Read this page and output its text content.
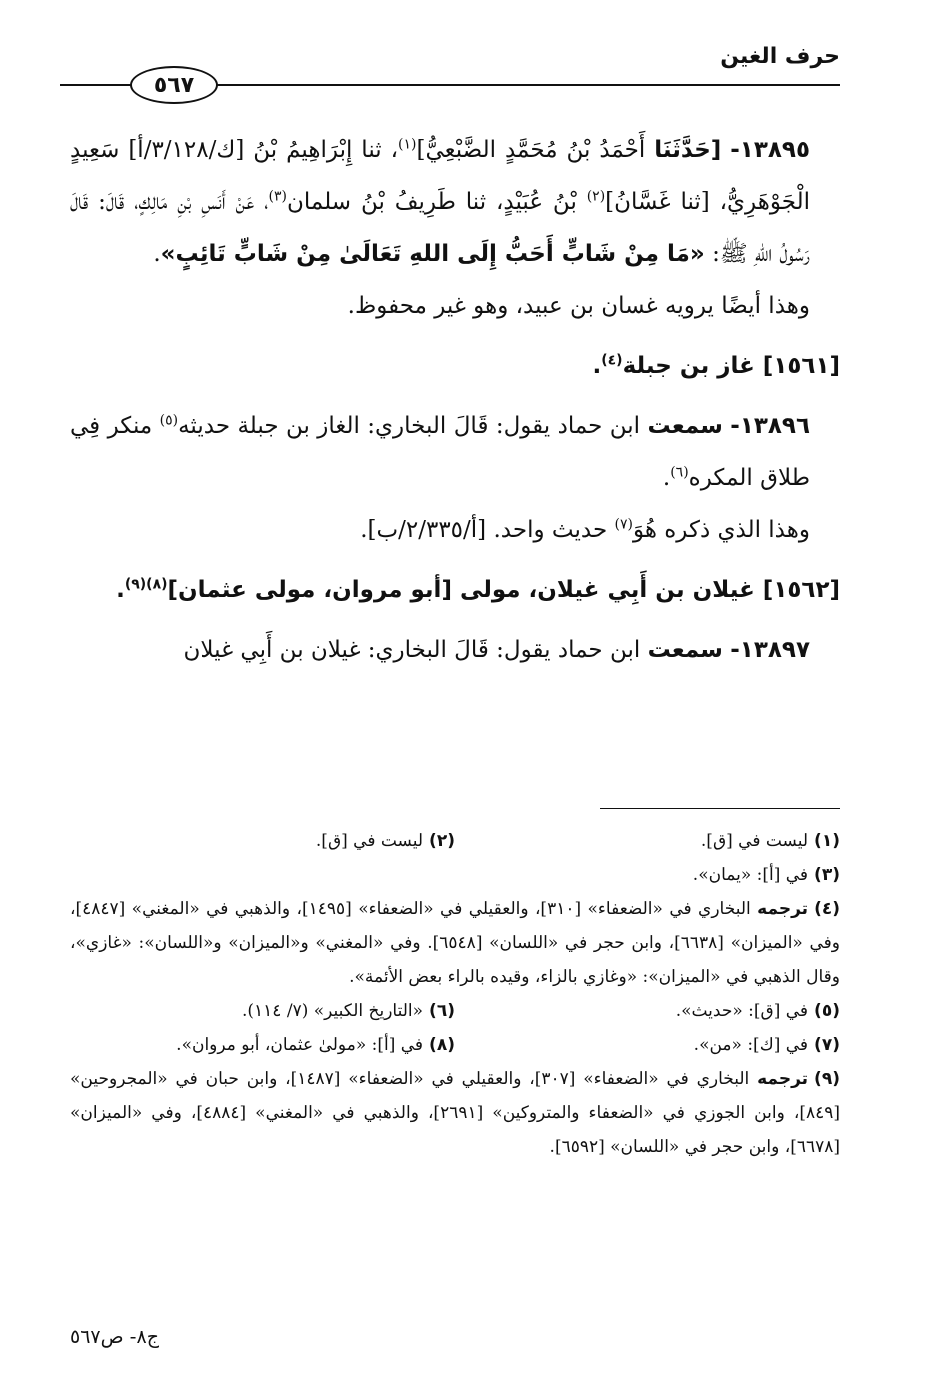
حرف الغين
٥٦٧

١٣٨٩٥- [حَدَّثَنَا أَحْمَدُ بْنُ مُحَمَّدٍ الضَّبْعِيُّ]$^{(١)}$، ثنا إِبْرَاهِيمُ بْنُ [ك/٣/١٢٨/أ] سَعِيدٍ الْجَوْهَرِيُّ، [ثنا غَسَّانُ]$^{(٢)}$ بْنُ عُبَيْدٍ، ثنا طَرِيفُ بْنُ سلمان$^{(٣)}$، عَنْ أَنَسِ بْنِ مَالِكٍ، قَالَ: قَالَ رَسُولُ اللهِ ﷺ: «مَا مِنْ شَابٍّ أَحَبُّ إِلَى اللهِ تَعَالَىٰ مِنْ شَابٍّ تَائِبٍ».

وهذا أيضًا يرويه غسان بن عبيد، وهو غير محفوظ.

[١٥٦١] غاز بن جبلة$^{(٤)}$.

١٣٨٩٦- سمعت ابن حماد يقول: قَالَ البخاري: الغاز بن جبلة حديثه$^{(٥)}$ منكر فِي طلاق المكره$^{(٦)}$.

وهذا الذي ذكره هُوَ$^{(٧)}$ حديث واحد. [أ/٢/٣٣٥/ب].

[١٥٦٢] غيلان بن أَبِي غيلان، مولى [أبو مروان، مولى عثمان]$^{(٨)(٩)}$.

١٣٨٩٧- سمعت ابن حماد يقول: قَالَ البخاري: غيلان بن أَبِي غيلان

(١)ليست في [ق].
(٢)ليست في [ق].
(٣)في [أ]: «يمان».
(٤)ترجمه البخاري في «الضعفاء» [٣١٠]، والعقيلي في «الضعفاء» [١٤٩٥]، والذهبي في «المغني» [٤٨٤٧]، وفي «الميزان» [٦٦٣٨]، وابن حجر في «اللسان» [٦٥٤٨]. وفي «المغني» و«الميزان» و«اللسان»: «غازي»، وقال الذهبي في «الميزان»: «وغازي بالزاء، وقيده بالراء بعض الأئمة».
(٥)في [ق]: «حديث».
(٦)«التاريخ الكبير» (٧/ ١١٤).
(٧)في [ك]: «من».
(٨)في [أ]: «مولىٰ عثمان، أبو مروان».
(٩)ترجمه البخاري في «الضعفاء» [٣٠٧]، والعقيلي في «الضعفاء» [١٤٨٧]، وابن حبان في «المجروحين» [٨٤٩]، وابن الجوزي في «الضعفاء والمتروكين» [٢٦٩١]، والذهبي في «المغني» [٤٨٨٤]، وفي «الميزان» [٦٦٧٨]، وابن حجر في «اللسان» [٦٥٩٢].
ج٨- ص٥٦٧
